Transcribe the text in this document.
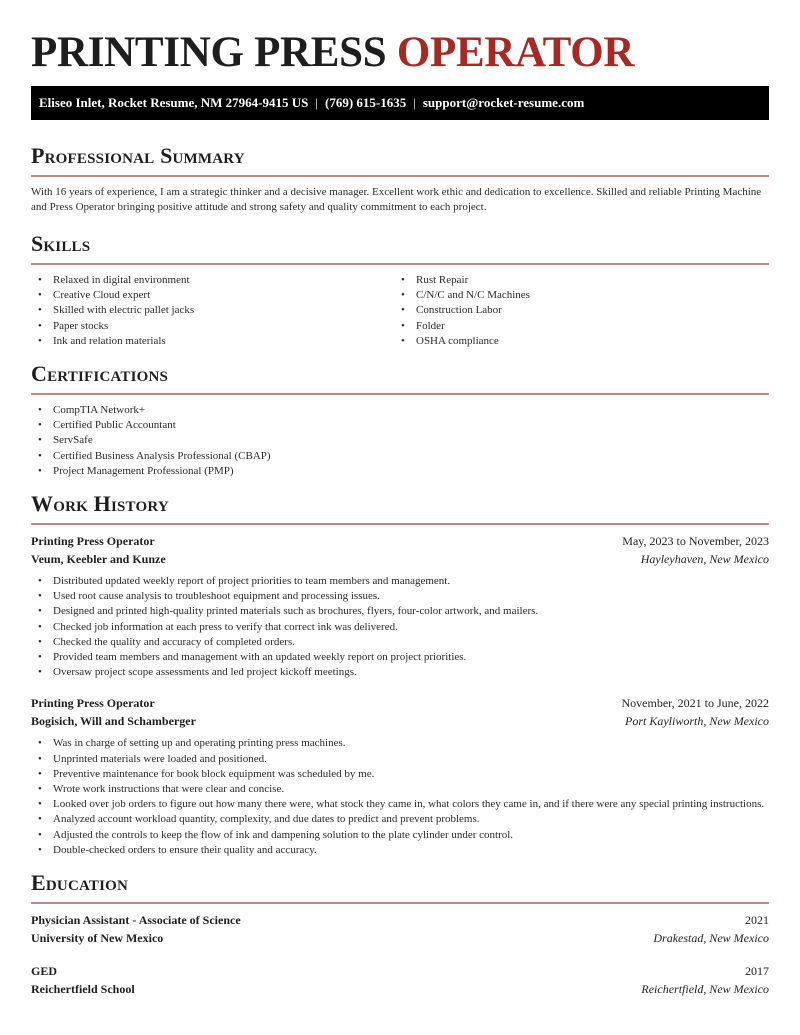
PRINTING PRESS OPERATOR
Eliseo Inlet, Rocket Resume, NM 27964-9415 US | (769) 615-1635 | support@rocket-resume.com
Professional Summary

With 16 years of experience, I am a strategic thinker and a decisive manager. Excellent work ethic and dedication to excellence. Skilled and reliable Printing Machine and Press Operator bringing positive attitude and strong safety and quality commitment to each project.

Skills
• Relaxed in digital environment
• Creative Cloud expert
• Skilled with electric pallet jacks
• Paper stocks
• Ink and relation materials
• Rust Repair
• C/N/C and N/C Machines
• Construction Labor
• Folder
• OSHA compliance
Certifications
• CompTIA Network+
• Certified Public Accountant
• ServSafe
• Certified Business Analysis Professional (CBAP)
• Project Management Professional (PMP)
Work History
Printing Press Operator	May, 2023 to November, 2023
Veum, Keebler and Kunze	Hayleyhaven, New Mexico
• Distributed updated weekly report of project priorities to team members and management.
• Used root cause analysis to troubleshoot equipment and processing issues.
• Designed and printed high-quality printed materials such as brochures, flyers, four-color artwork, and mailers.
• Checked job information at each press to verify that correct ink was delivered.
• Checked the quality and accuracy of completed orders.
• Provided team members and management with an updated weekly report on project priorities.
• Oversaw project scope assessments and led project kickoff meetings.
Printing Press Operator	November, 2021 to June, 2022
Bogisich, Will and Schamberger	Port Kayliworth, New Mexico
• Was in charge of setting up and operating printing press machines.
• Unprinted materials were loaded and positioned.
• Preventive maintenance for book block equipment was scheduled by me.
• Wrote work instructions that were clear and concise.
• Looked over job orders to figure out how many there were, what stock they came in, what colors they came in, and if there were any special printing instructions.
• Analyzed account workload quantity, complexity, and due dates to predict and prevent problems.
• Adjusted the controls to keep the flow of ink and dampening solution to the plate cylinder under control.
• Double-checked orders to ensure their quality and accuracy.
Education
Physician Assistant - Associate of Science	2021
University of New Mexico	Drakestad, New Mexico
GED	2017
Reichertfield School	Reichertfield, New Mexico
